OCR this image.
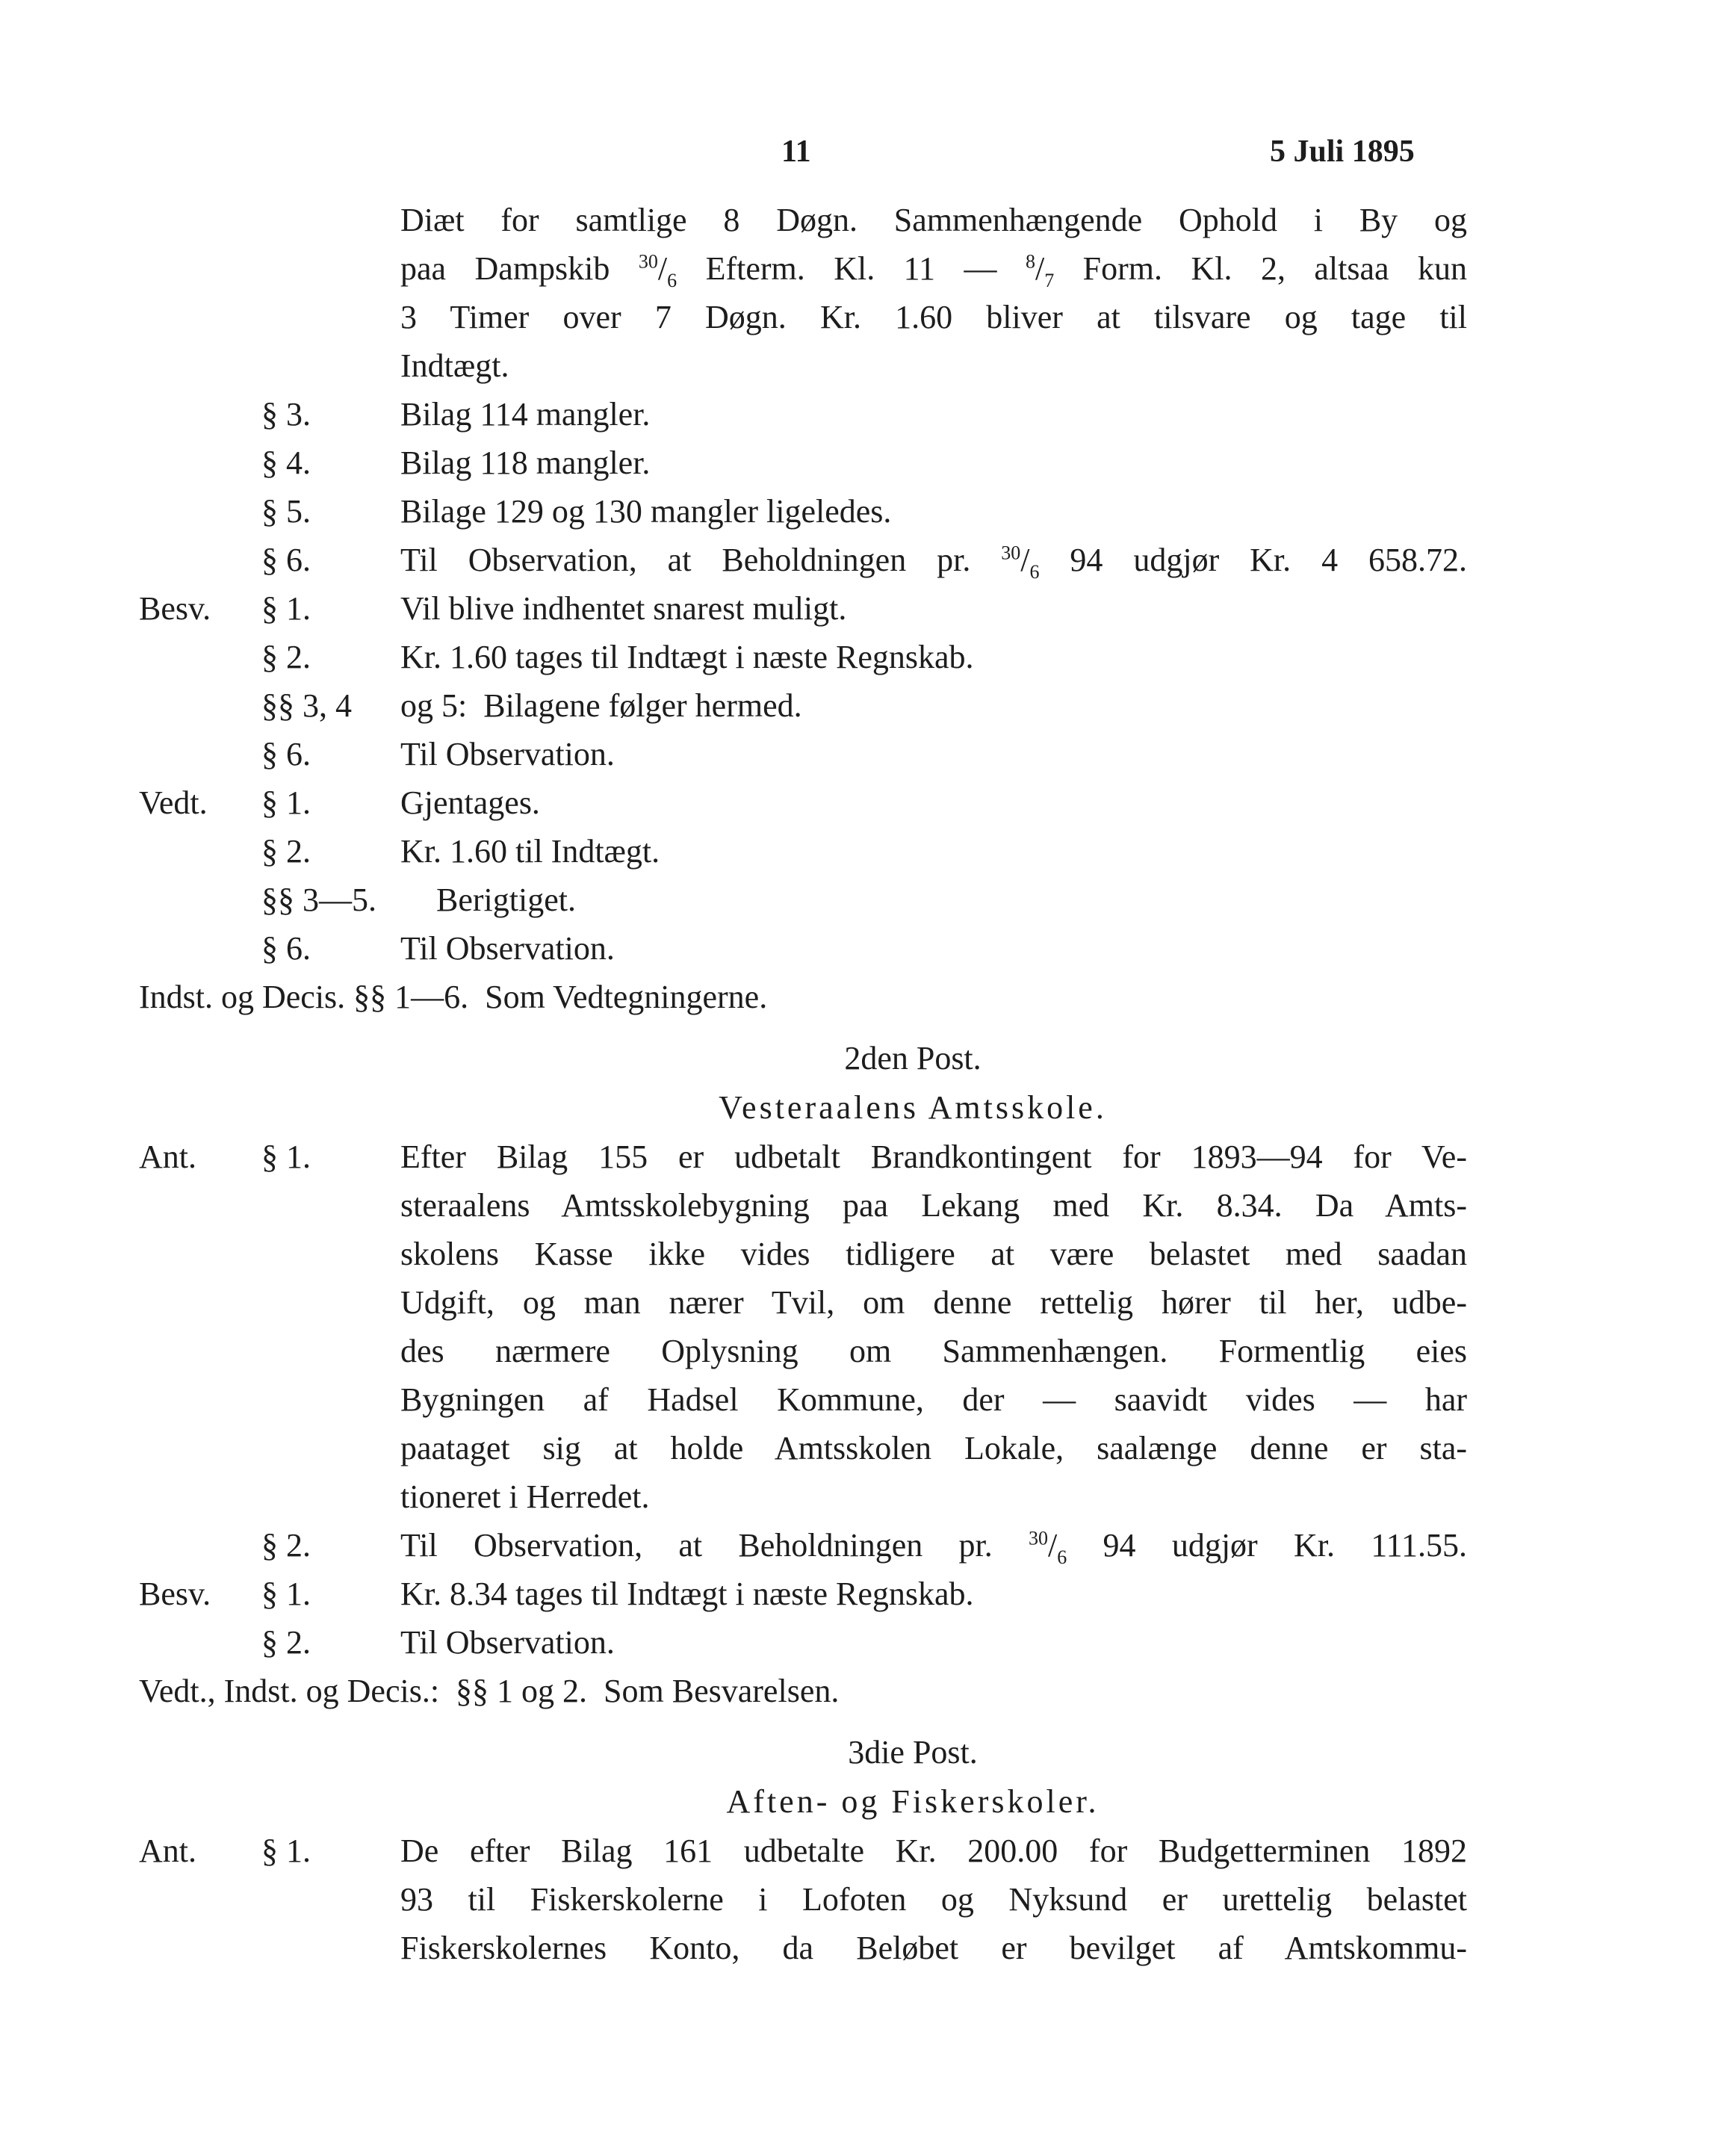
11	5 Juli 1895
Diæt for samtlige 8 Døgn. Sammenhængende Ophold i By og
paa Dampskib $^{30}/_6$ Efterm. Kl. 11 — $^8/_7$ Form. Kl. 2, altsaa kun
3 Timer over 7 Døgn. Kr. 1.60 bliver at tilsvare og tage til
Indtægt.
§ 3.	Bilag 114 mangler.
§ 4.	Bilag 118 mangler.
§ 5.	Bilage 129 og 130 mangler ligeledes.
§ 6.	Til Observation, at Beholdningen pr. $^{30}/_6$ 94 udgjør Kr. 4 658.72.
Besv. § 1.	Vil blive indhentet snarest muligt.
§ 2.	Kr. 1.60 tages til Indtægt i næste Regnskab.
§§ 3, 4 og 5:  Bilagene følger hermed.
§ 6.	Til Observation.
Vedt. § 1.	Gjentages.
§ 2.	Kr. 1.60 til Indtægt.
§§ 3—5. Berigtiget.
§ 6.	Til Observation.
Indst. og Decis. §§ 1—6.  Som Vedtegningerne.
2den Post.
Vesteraalens Amtsskole.
Ant. § 1.	Efter Bilag 155 er udbetalt Brandkontingent for 1893—94 for Ve-
steraalens Amtsskolebygning paa Lekang med Kr. 8.34. Da Amts-
skolens Kasse ikke vides tidligere at være belastet med saadan
Udgift, og man nærer Tvil, om denne rettelig hører til her, udbe-
des nærmere Oplysning om Sammenhængen. Formentlig eies
Bygningen af Hadsel Kommune, der — saavidt vides — har
paataget sig at holde Amtsskolen Lokale, saalænge denne er sta-
tioneret i Herredet.
§ 2.	Til Observation, at Beholdningen pr. $^{30}/_6$ 94 udgjør Kr. 111.55.
Besv. § 1.	Kr. 8.34 tages til Indtægt i næste Regnskab.
§ 2.	Til Observation.
Vedt., Indst. og Decis.:  §§ 1 og 2.  Som Besvarelsen.
3die Post.
Aften- og Fiskerskoler.
Ant. § 1.	De efter Bilag 161 udbetalte Kr. 200.00 for Budgetterminen 1892
93 til Fiskerskolerne i Lofoten og Nyksund er urettelig belastet
Fiskerskolernes Konto, da Beløbet er bevilget af Amtskommu-
